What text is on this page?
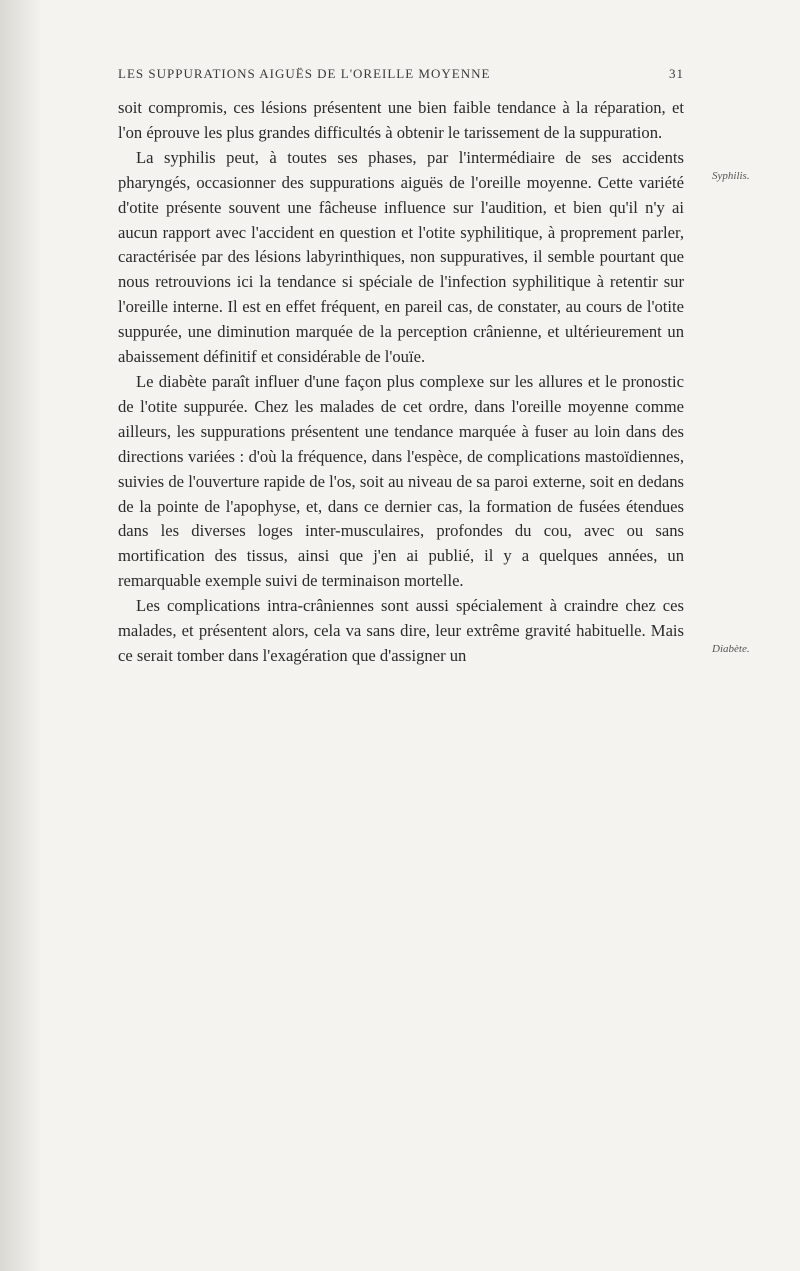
LES SUPPURATIONS AIGUËS DE L'OREILLE MOYENNE	31
Syphilis.
Diabète.

soit compromis, ces lésions présentent une bien faible tendance à la réparation, et l'on éprouve les plus grandes difficultés à obtenir le tarissement de la suppuration.

La syphilis peut, à toutes ses phases, par l'intermédiaire de ses accidents pharyngés, occasionner des suppurations aiguës de l'oreille moyenne. Cette variété d'otite présente souvent une fâcheuse influence sur l'audition, et bien qu'il n'y ai aucun rapport avec l'accident en question et l'otite syphilitique, à proprement parler, caractérisée par des lésions labyrinthiques, non suppuratives, il semble pourtant que nous retrouvions ici la tendance si spéciale de l'infection syphilitique à retentir sur l'oreille interne. Il est en effet fréquent, en pareil cas, de constater, au cours de l'otite suppurée, une diminution marquée de la perception crânienne, et ultérieurement un abaissement définitif et considérable de l'ouïe.

Le diabète paraît influer d'une façon plus complexe sur les allures et le pronostic de l'otite suppurée. Chez les malades de cet ordre, dans l'oreille moyenne comme ailleurs, les suppurations présentent une tendance marquée à fuser au loin dans des directions variées : d'où la fréquence, dans l'espèce, de complications mastoïdiennes, suivies de l'ouverture rapide de l'os, soit au niveau de sa paroi externe, soit en dedans de la pointe de l'apophyse, et, dans ce dernier cas, la formation de fusées étendues dans les diverses loges inter-musculaires, profondes du cou, avec ou sans mortification des tissus, ainsi que j'en ai publié, il y a quelques années, un remarquable exemple suivi de terminaison mortelle.

Les complications intra-crâniennes sont aussi spécialement à craindre chez ces malades, et présentent alors, cela va sans dire, leur extrême gravité habituelle. Mais ce serait tomber dans l'exagération que d'assigner un
